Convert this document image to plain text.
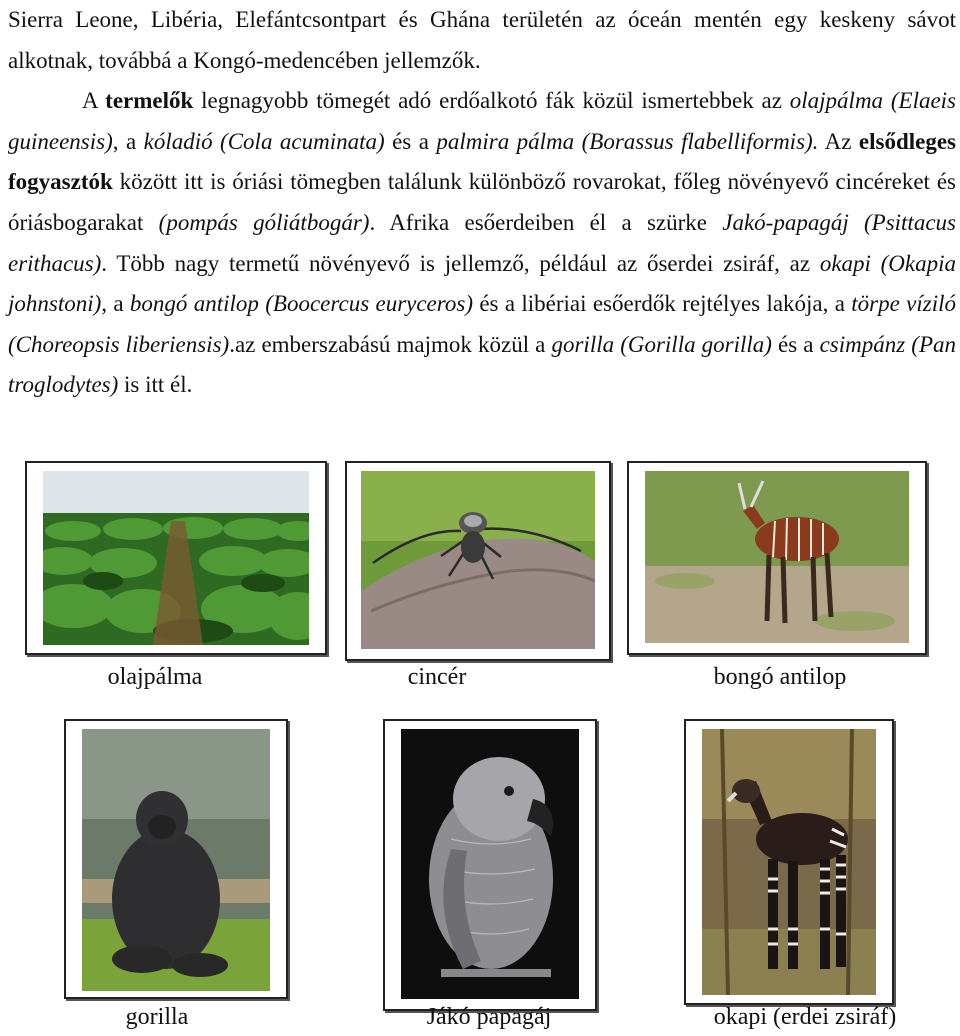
Sierra Leone, Libéria, Elefántcsontpart és Ghána területén az óceán mentén egy keskeny sávot alkotnak, továbbá a Kongó-medencében jellemzők.

A termelők legnagyobb tömegét adó erdőalkotó fák közül ismertebbek az olajpálma (Elaeis guineensis), a kóladió (Cola acuminata) és a palmira pálma (Borassus flabelliformis). Az elsődleges fogyasztók között itt is óriási tömegben találunk különböző rovarokat, főleg növényevő cincéreket és óriásbogarakat (pompás góliátbogár). Afrika esőerdeiben él a szürke Jakó-papagáj (Psittacus erithacus). Több nagy termetű növényevő is jellemző, például az őserdei zsiráf, az okapi (Okapia johnstoni), a bongó antilop (Boocercus euryceros) és a libériai esőerdők rejtélyes lakója, a törpe víziló (Choreopsis liberiensis).az emberszabású majmok közül a gorilla (Gorilla gorilla) és a csimpánz (Pan troglodytes) is itt él.

olajpálma	cincér	bongó antilop
gorilla	Jákó papagáj	okapi (erdei zsiráf)
